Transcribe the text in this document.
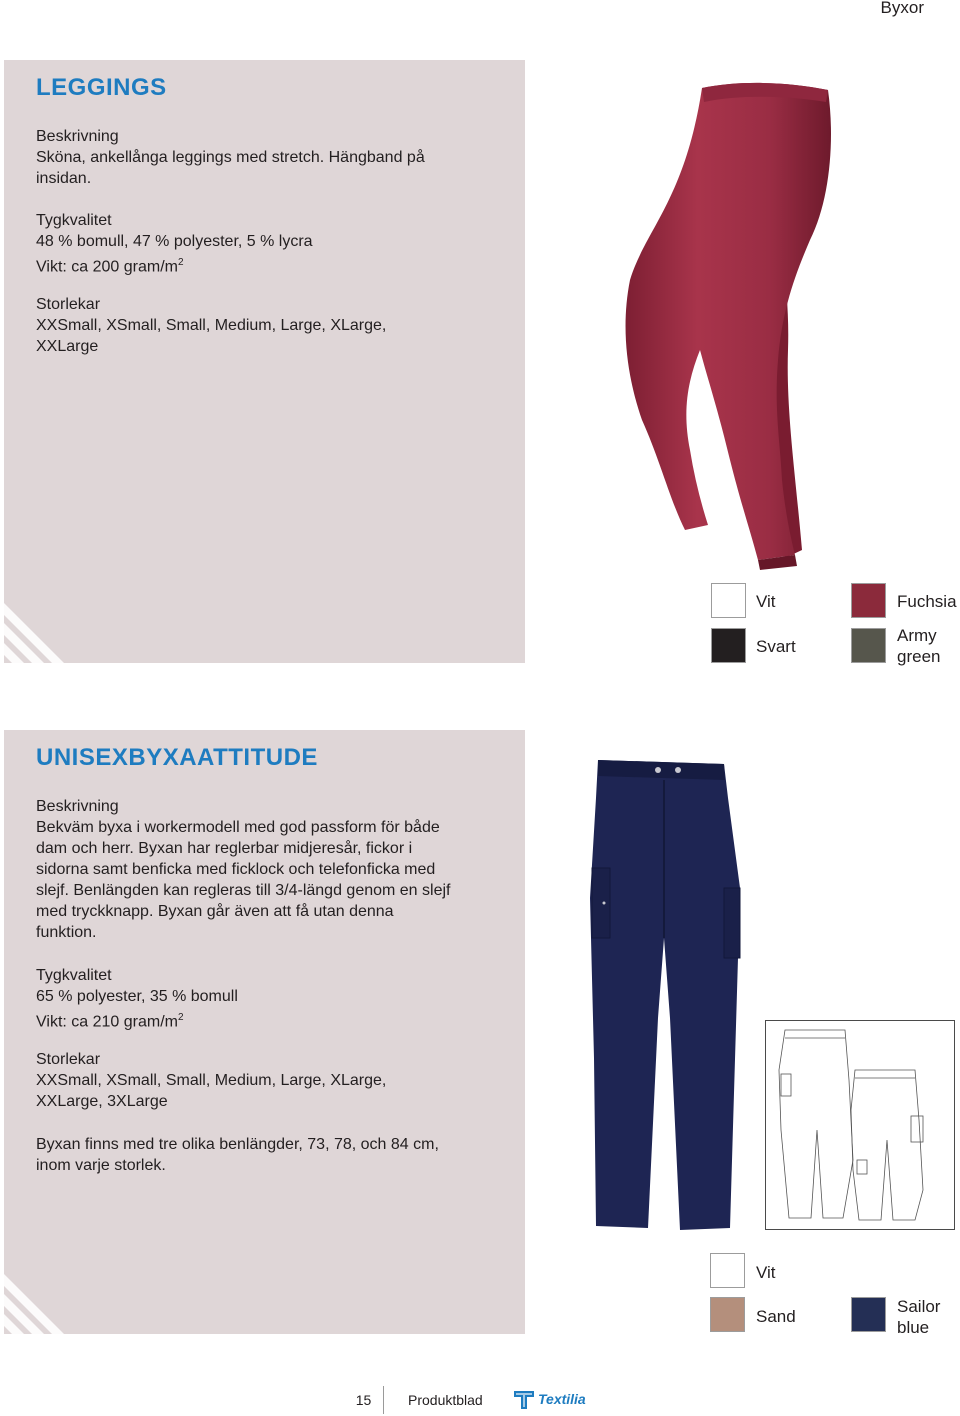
Byxor
LEGGINGS
Beskrivning

Sköna, ankellånga leggings med stretch. Hängband på

insidan.

Tygkvalitet

48 % bomull, 47 % polyester, 5 % lycra

Vikt: ca 200 gram/$m^2$

Storlekar

XXSmall, XSmall, Small, Medium, Large, XLarge,

XXLarge

Vit	Fuchsia
Svart
Army
green
UNISEXBYXAATTITUDE
Beskrivning

Bekväm byxa i workermodell med god passform för både

dam och herr. Byxan har reglerbar midjeresår, fickor i

sidorna samt benficka med ficklock och telefonficka med

slejf. Benlängden kan regleras till 3/4-längd genom en slejf

med tryckknapp. Byxan går även att få utan denna

funktion.

Tygkvalitet

65 % polyester, 35 % bomull

Vikt: ca 210 gram/$m^2$

Storlekar

XXSmall, XSmall, Small, Medium, Large, XLarge,

XXLarge, 3XLarge

Byxan finns med tre olika benlängder, 73, 78, och 84 cm,

inom varje storlek.

Vit
Sand
Sailor
blue
15	Produktblad	Textilia
